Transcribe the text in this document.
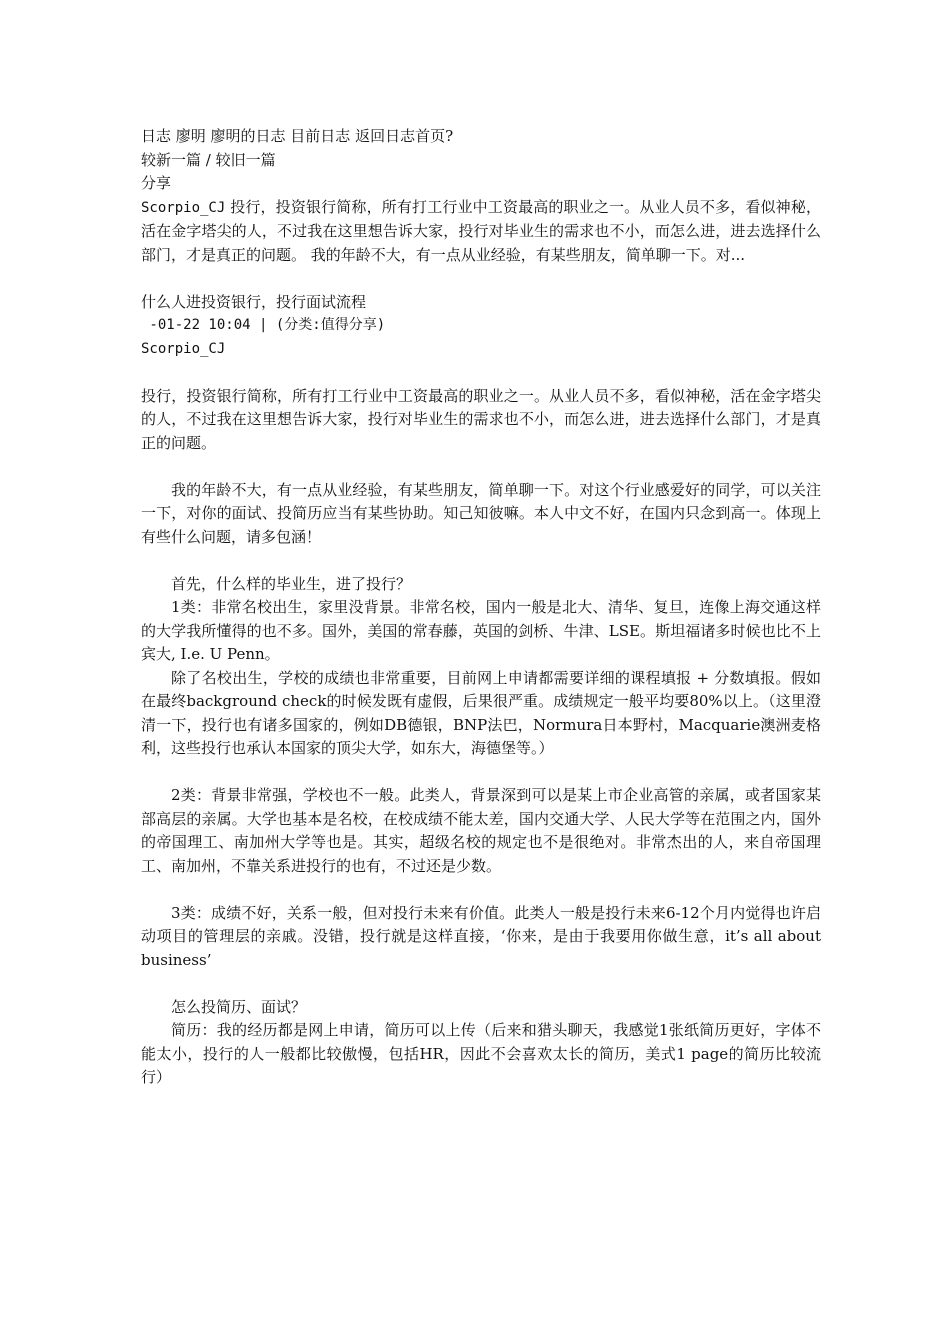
日志 廖明 廖明的日志 目前日志 返回日志首页?

较新一篇 / 较旧一篇

分享

Scorpio_CJ 投行，投资银行简称，所有打工行业中工资最高的职业之一。从业人员不多，看似神秘，活在金字塔尖的人，不过我在这里想告诉大家，投行对毕业生的需求也不小，而怎么进，进去选择什么部门，才是真正的问题。 我的年龄不大，有一点从业经验，有某些朋友，简单聊一下。对...

什么人进投资银行，投行面试流程

-01-22 10:04 | (分类:值得分享)

Scorpio_CJ

投行，投资银行简称，所有打工行业中工资最高的职业之一。从业人员不多，看似神秘，活在金字塔尖的人，不过我在这里想告诉大家，投行对毕业生的需求也不小，而怎么进，进去选择什么部门，才是真正的问题。

我的年龄不大，有一点从业经验，有某些朋友，简单聊一下。对这个行业感爱好的同学，可以关注一下，对你的面试、投简历应当有某些协助。知己知彼嘛。本人中文不好，在国内只念到高一。体现上有些什么问题，请多包涵！

首先，什么样的毕业生，进了投行？

1类：非常名校出生，家里没背景。非常名校，国内一般是北大、清华、复旦，连像上海交通这样的大学我所懂得的也不多。国外，美国的常春藤，英国的剑桥、牛津、LSE。斯坦福诸多时候也比不上宾大, I.e. U Penn。

除了名校出生，学校的成绩也非常重要，目前网上申请都需要详细的课程填报 + 分数填报。假如在最终background check的时候发既有虚假，后果很严重。成绩规定一般平均要80%以上。（这里澄清一下，投行也有诸多国家的，例如DB德银，BNP法巴，Normura日本野村，Macquarie澳洲麦格利，这些投行也承认本国家的顶尖大学，如东大，海德堡等。）

2类：背景非常强，学校也不一般。此类人，背景深到可以是某上市企业高管的亲属，或者国家某部高层的亲属。大学也基本是名校，在校成绩不能太差，国内交通大学、人民大学等在范围之内，国外的帝国理工、南加州大学等也是。其实，超级名校的规定也不是很绝对。非常杰出的人，来自帝国理工、南加州，不靠关系进投行的也有，不过还是少数。

3类：成绩不好，关系一般，但对投行未来有价值。此类人一般是投行未来6-12个月内觉得也许启动项目的管理层的亲戚。没错，投行就是这样直接，‘你来，是由于我要用你做生意，it’s all about business’

怎么投简历、面试？

简历：我的经历都是网上申请，简历可以上传（后来和猎头聊天，我感觉1张纸简历更好，字体不能太小，投行的人一般都比较傲慢，包括HR，因此不会喜欢太长的简历，美式1 page的简历比较流行）
